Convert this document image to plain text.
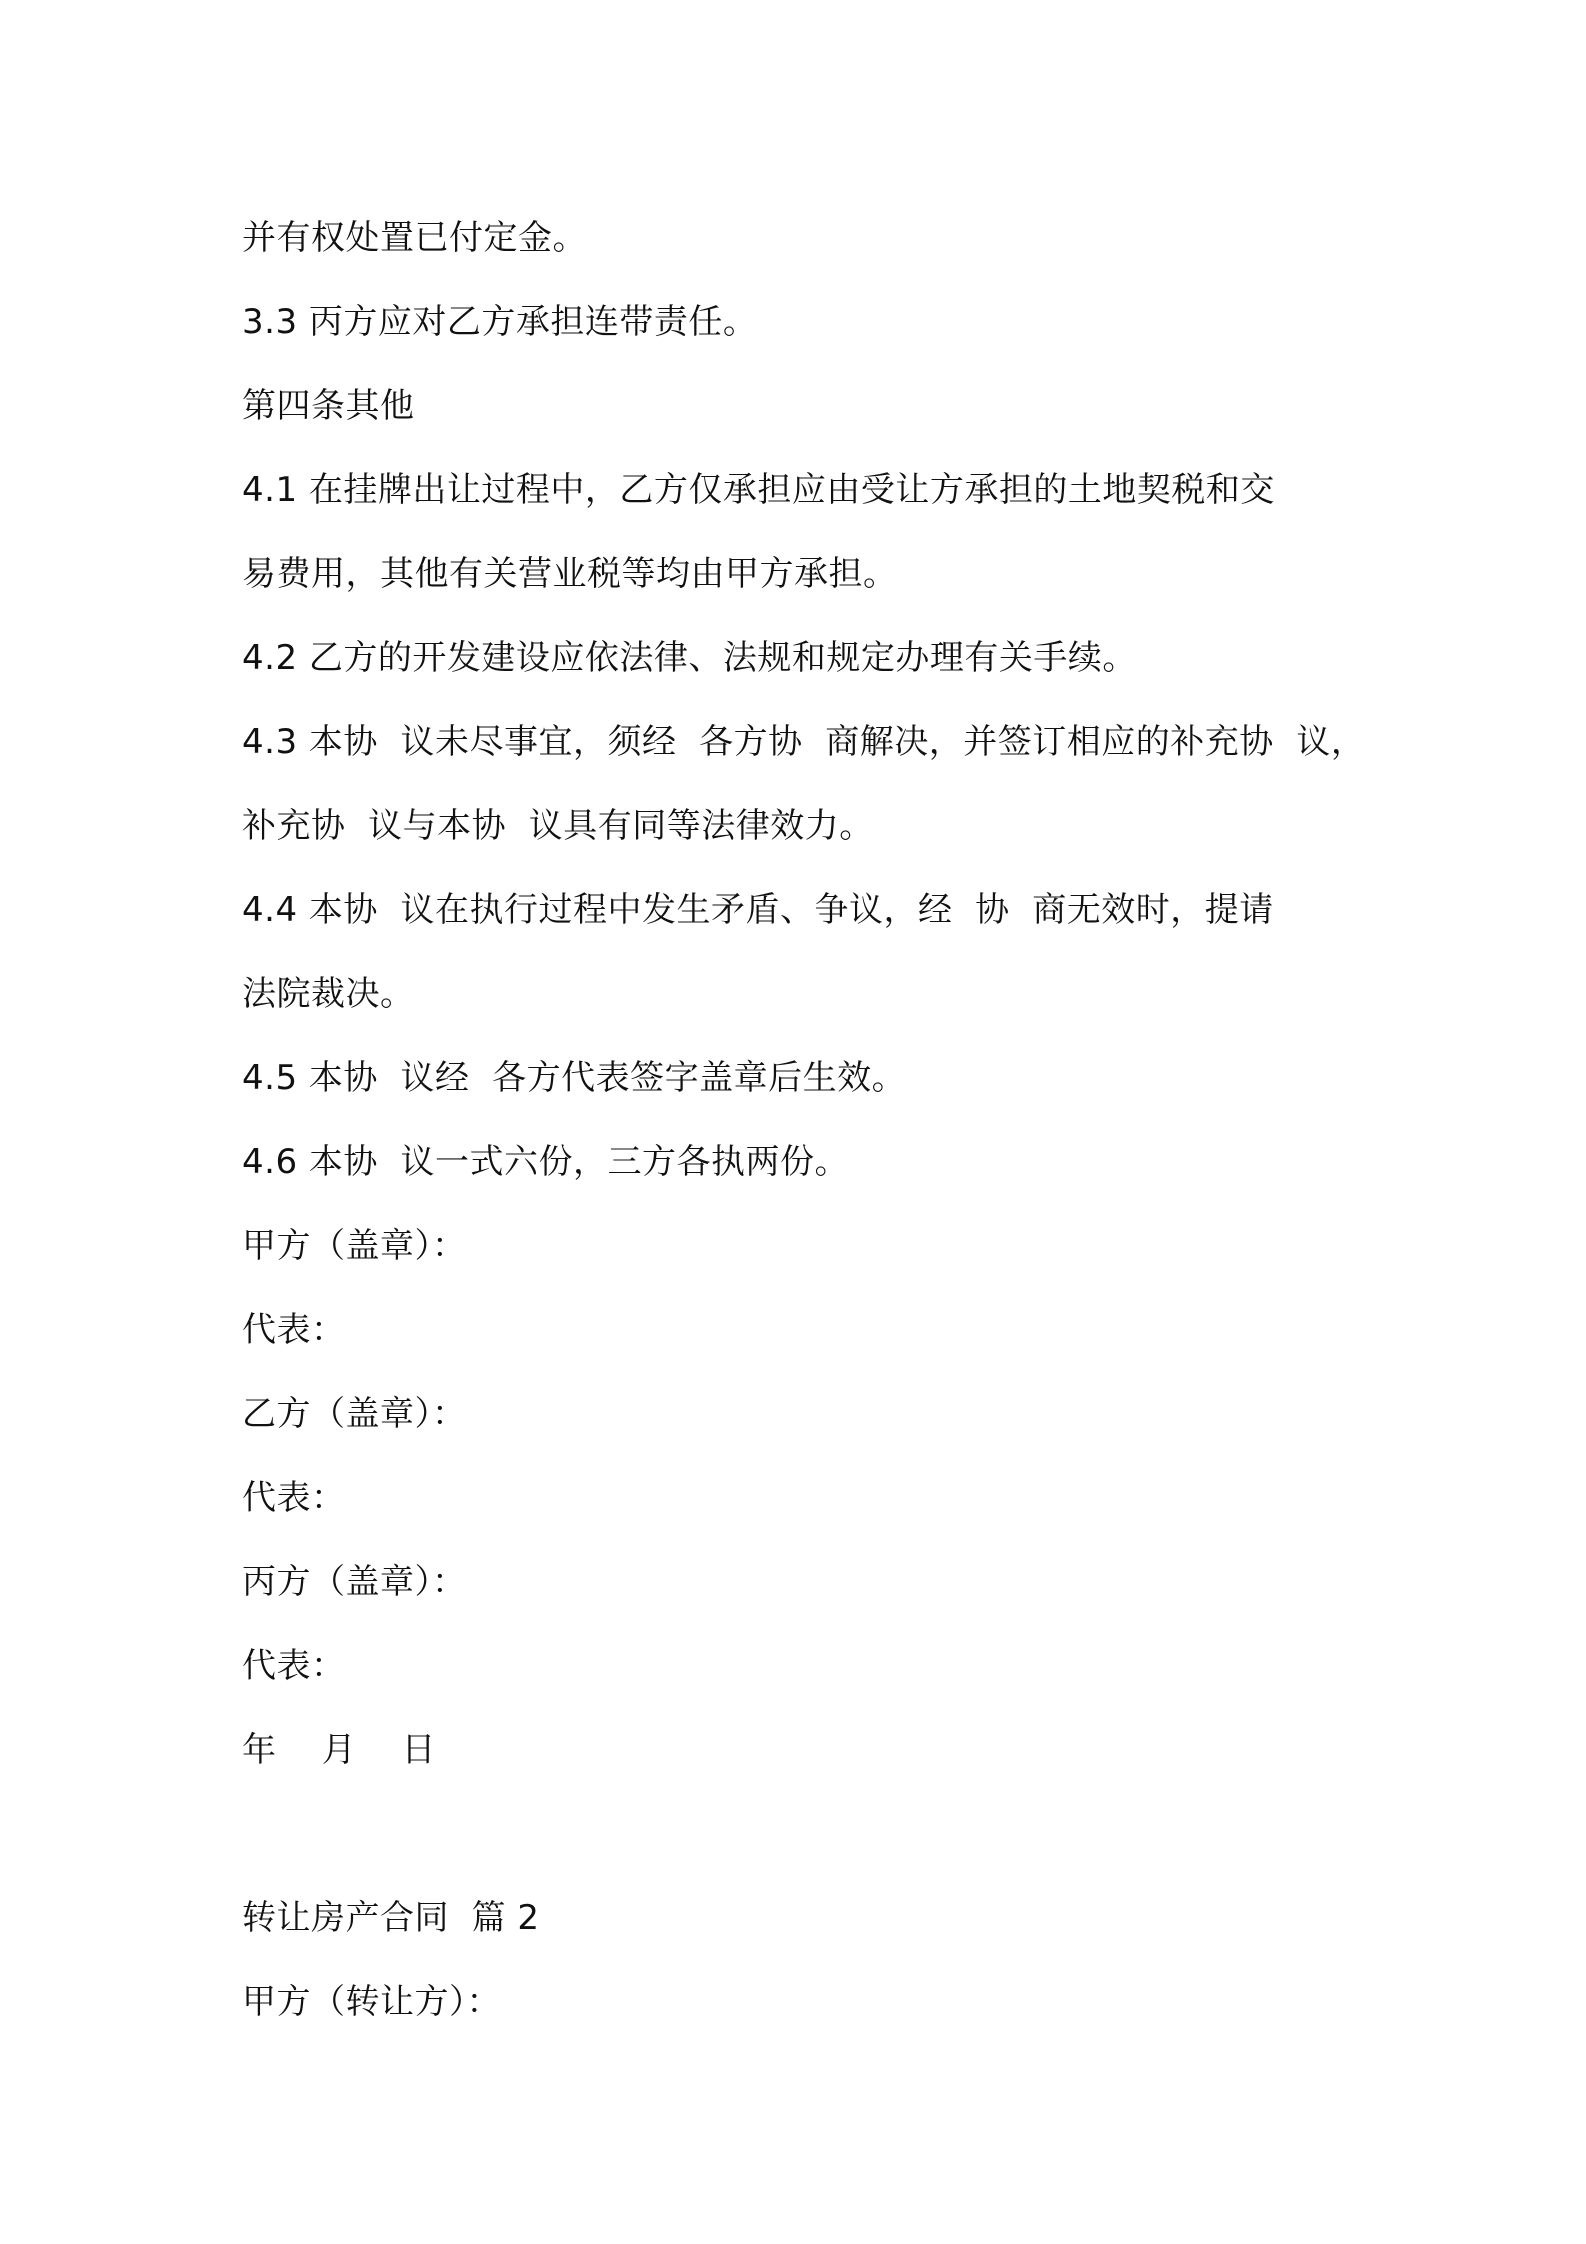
并有权处置已付定金。
3.3 丙方应对乙方承担连带责任。
第四条其他
4.1 在挂牌出让过程中，乙方仅承担应由受让方承担的土地契税和交
易费用，其他有关营业税等均由甲方承担。
4.2 乙方的开发建设应依法律、法规和规定办理有关手续。
4.3 本协  议未尽事宜，须经  各方协  商解决，并签订相应的补充协  议，
补充协  议与本协  议具有同等法律效力。
4.4 本协  议在执行过程中发生矛盾、争议，经  协  商无效时，提请
法院裁决。
4.5 本协  议经  各方代表签字盖章后生效。
4.6 本协  议一式六份，三方各执两份。
甲方（盖章）：
代表：
乙方（盖章）：
代表：
丙方（盖章）：
代表：
年    月    日
转让房产合同  篇 2
甲方（转让方）：
